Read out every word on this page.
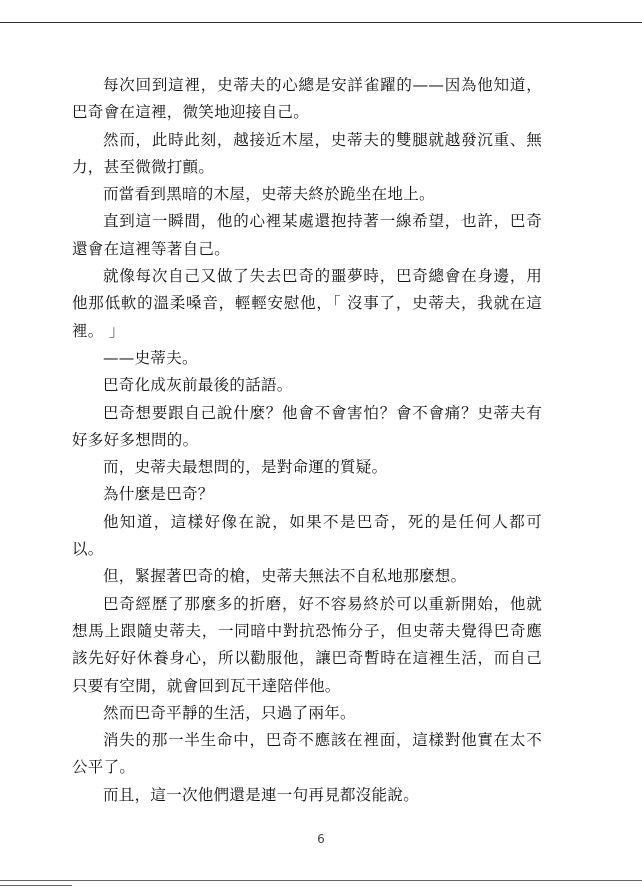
每次回到這裡，史蒂夫的心總是安詳雀躍的——因為他知道，巴奇會在這裡，微笑地迎接自己。

然而，此時此刻，越接近木屋，史蒂夫的雙腿就越發沉重、無力，甚至微微打顫。

而當看到黑暗的木屋，史蒂夫終於跪坐在地上。

直到這一瞬間，他的心裡某處還抱持著一線希望，也許，巴奇還會在這裡等著自己。

就像每次自己又做了失去巴奇的噩夢時，巴奇總會在身邊，用他那低軟的溫柔嗓音，輕輕安慰他，「 沒事了，史蒂夫，我就在這裡。 」

——史蒂夫。

巴奇化成灰前最後的話語。

巴奇想要跟自己說什麼？他會不會害怕？會不會痛？史蒂夫有好多好多想問的。

而，史蒂夫最想問的，是對命運的質疑。

為什麼是巴奇？

他知道，這樣好像在說，如果不是巴奇，死的是任何人都可以。

但，緊握著巴奇的槍，史蒂夫無法不自私地那麼想。

巴奇經歷了那麼多的折磨，好不容易終於可以重新開始，他就想馬上跟隨史蒂夫，一同暗中對抗恐怖分子，但史蒂夫覺得巴奇應該先好好休養身心，所以勸服他，讓巴奇暫時在這裡生活，而自己只要有空閒，就會回到瓦干達陪伴他。

然而巴奇平靜的生活，只過了兩年。

消失的那一半生命中，巴奇不應該在裡面，這樣對他實在太不公平了。

而且，這一次他們還是連一句再見都沒能說。

6
